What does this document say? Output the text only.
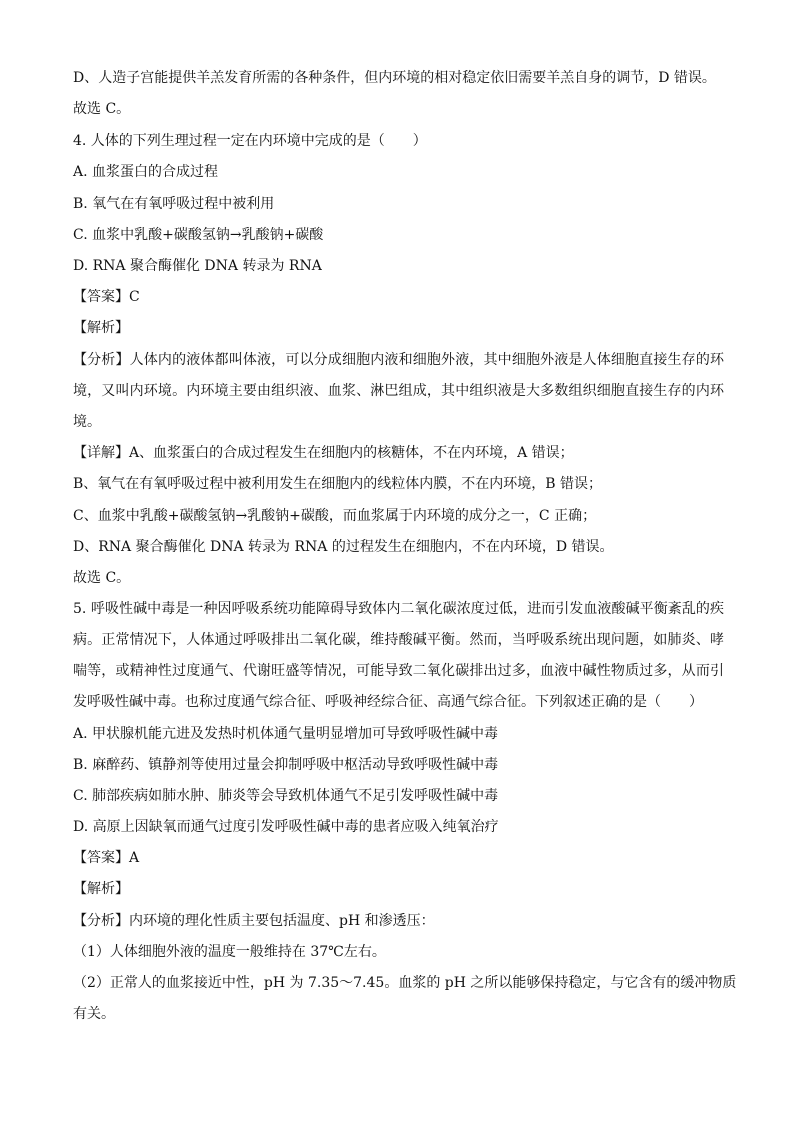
D、人造子宫能提供羊羔发育所需的各种条件，但内环境的相对稳定依旧需要羊羔自身的调节，D 错误。
故选 C。
4. 人体的下列生理过程一定在内环境中完成的是（　　）
A. 血浆蛋白的合成过程
B. 氧气在有氧呼吸过程中被利用
C. 血浆中乳酸+碳酸氢钠→乳酸钠+碳酸
D. RNA 聚合酶催化 DNA 转录为 RNA
【答案】C
【解析】
【分析】人体内的液体都叫体液，可以分成细胞内液和细胞外液，其中细胞外液是人体细胞直接生存的环
境，又叫内环境。内环境主要由组织液、血浆、淋巴组成，其中组织液是大多数组织细胞直接生存的内环
境。
【详解】A、血浆蛋白的合成过程发生在细胞内的核糖体，不在内环境，A 错误；
B、氧气在有氧呼吸过程中被利用发生在细胞内的线粒体内膜，不在内环境，B 错误；
C、血浆中乳酸+碳酸氢钠→乳酸钠+碳酸，而血浆属于内环境的成分之一，C 正确；
D、RNA 聚合酶催化 DNA 转录为 RNA 的过程发生在细胞内，不在内环境，D 错误。
故选 C。
5. 呼吸性碱中毒是一种因呼吸系统功能障碍导致体内二氧化碳浓度过低，进而引发血液酸碱平衡紊乱的疾
病。正常情况下，人体通过呼吸排出二氧化碳，维持酸碱平衡。然而，当呼吸系统出现问题，如肺炎、哮
喘等，或精神性过度通气、代谢旺盛等情况，可能导致二氧化碳排出过多，血液中碱性物质过多，从而引
发呼吸性碱中毒。也称过度通气综合征、呼吸神经综合征、高通气综合征。下列叙述正确的是（　　）
A. 甲状腺机能亢进及发热时机体通气量明显增加可导致呼吸性碱中毒
B. 麻醉药、镇静剂等使用过量会抑制呼吸中枢活动导致呼吸性碱中毒
C. 肺部疾病如肺水肿、肺炎等会导致机体通气不足引发呼吸性碱中毒
D. 高原上因缺氧而通气过度引发呼吸性碱中毒的患者应吸入纯氧治疗
【答案】A
【解析】
【分析】内环境的理化性质主要包括温度、pH 和渗透压：
（1）人体细胞外液的温度一般维持在 37℃左右。
（2）正常人的血浆接近中性，pH 为 7.35～7.45。血浆的 pH 之所以能够保持稳定，与它含有的缓冲物质
有关。
